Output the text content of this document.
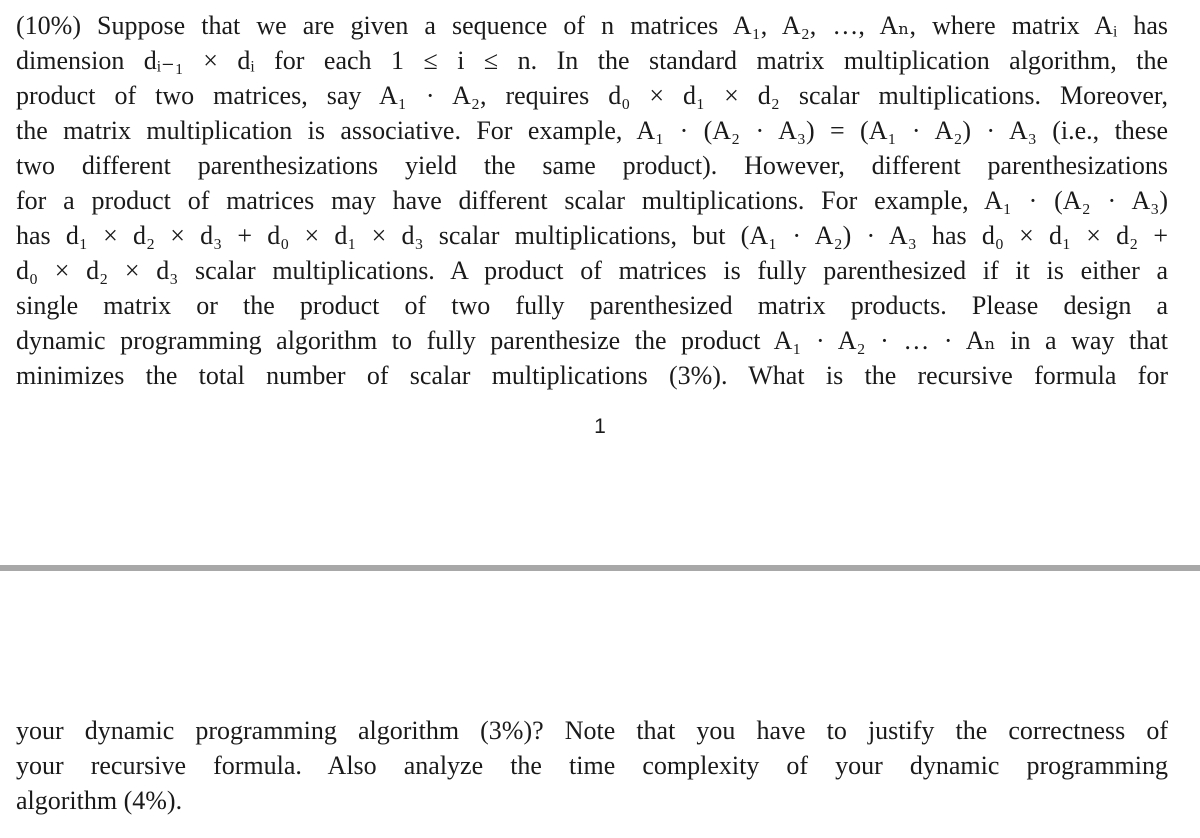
(10%) Suppose that we are given a sequence of n matrices A₁, A₂, …, Aₙ, where matrix Aᵢ has
dimension dᵢ₋₁ × dᵢ for each 1 ≤ i ≤ n. In the standard matrix multiplication algorithm, the
product of two matrices, say A₁ · A₂, requires d₀ × d₁ × d₂ scalar multiplications. Moreover,
the matrix multiplication is associative. For example, A₁ · (A₂ · A₃) = (A₁ · A₂) · A₃ (i.e., these
two different parenthesizations yield the same product). However, different parenthesizations
for a product of matrices may have different scalar multiplications. For example, A₁ · (A₂ · A₃)
has d₁ × d₂ × d₃ + d₀ × d₁ × d₃ scalar multiplications, but (A₁ · A₂) · A₃ has d₀ × d₁ × d₂ +
d₀ × d₂ × d₃ scalar multiplications. A product of matrices is fully parenthesized if it is either a
single matrix or the product of two fully parenthesized matrix products. Please design a
dynamic programming algorithm to fully parenthesize the product A₁ · A₂ · … · Aₙ in a way that
minimizes the total number of scalar multiplications (3%). What is the recursive formula for
1
your dynamic programming algorithm (3%)? Note that you have to justify the correctness of
your recursive formula. Also analyze the time complexity of your dynamic programming
algorithm (4%).
